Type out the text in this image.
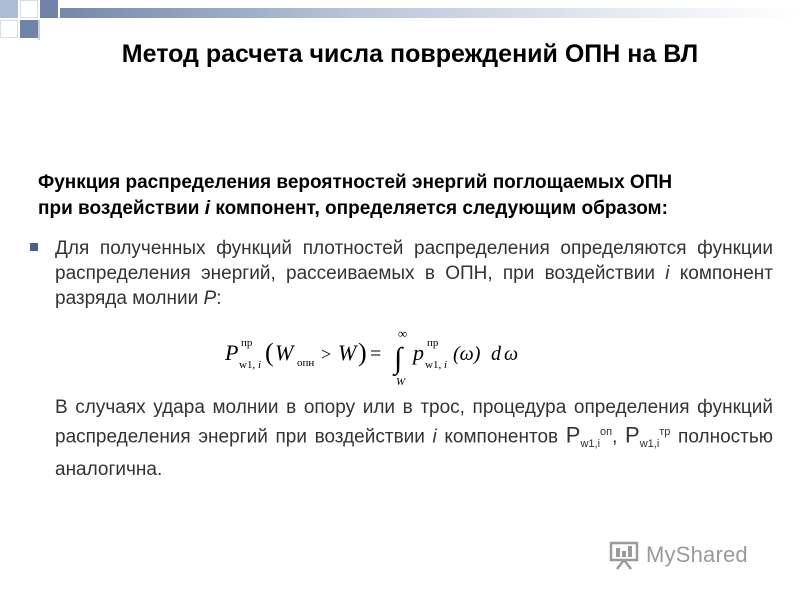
Метод расчета числа повреждений ОПН на ВЛ
Функция распределения вероятностей энергий поглощаемых ОПН
при воздействии i компонент, определяется следующим образом:
Для полученных функций плотностей распределения определяются функции распределения энергий, рассеиваемых в ОПН, при воздействии i компонент разряда молнии P:
P пр
w1, i ( W опн > W ) =
∞
∫
W
p пр
w1, i (ω) d ω
В случаях удара молнии в опору или в трос, процедура определения функций распределения энергий при воздействии i компонентов $P_{w1,i}^{оп}$, $P_{w1,i}^{тр}$ полностью аналогична.
MyShared
